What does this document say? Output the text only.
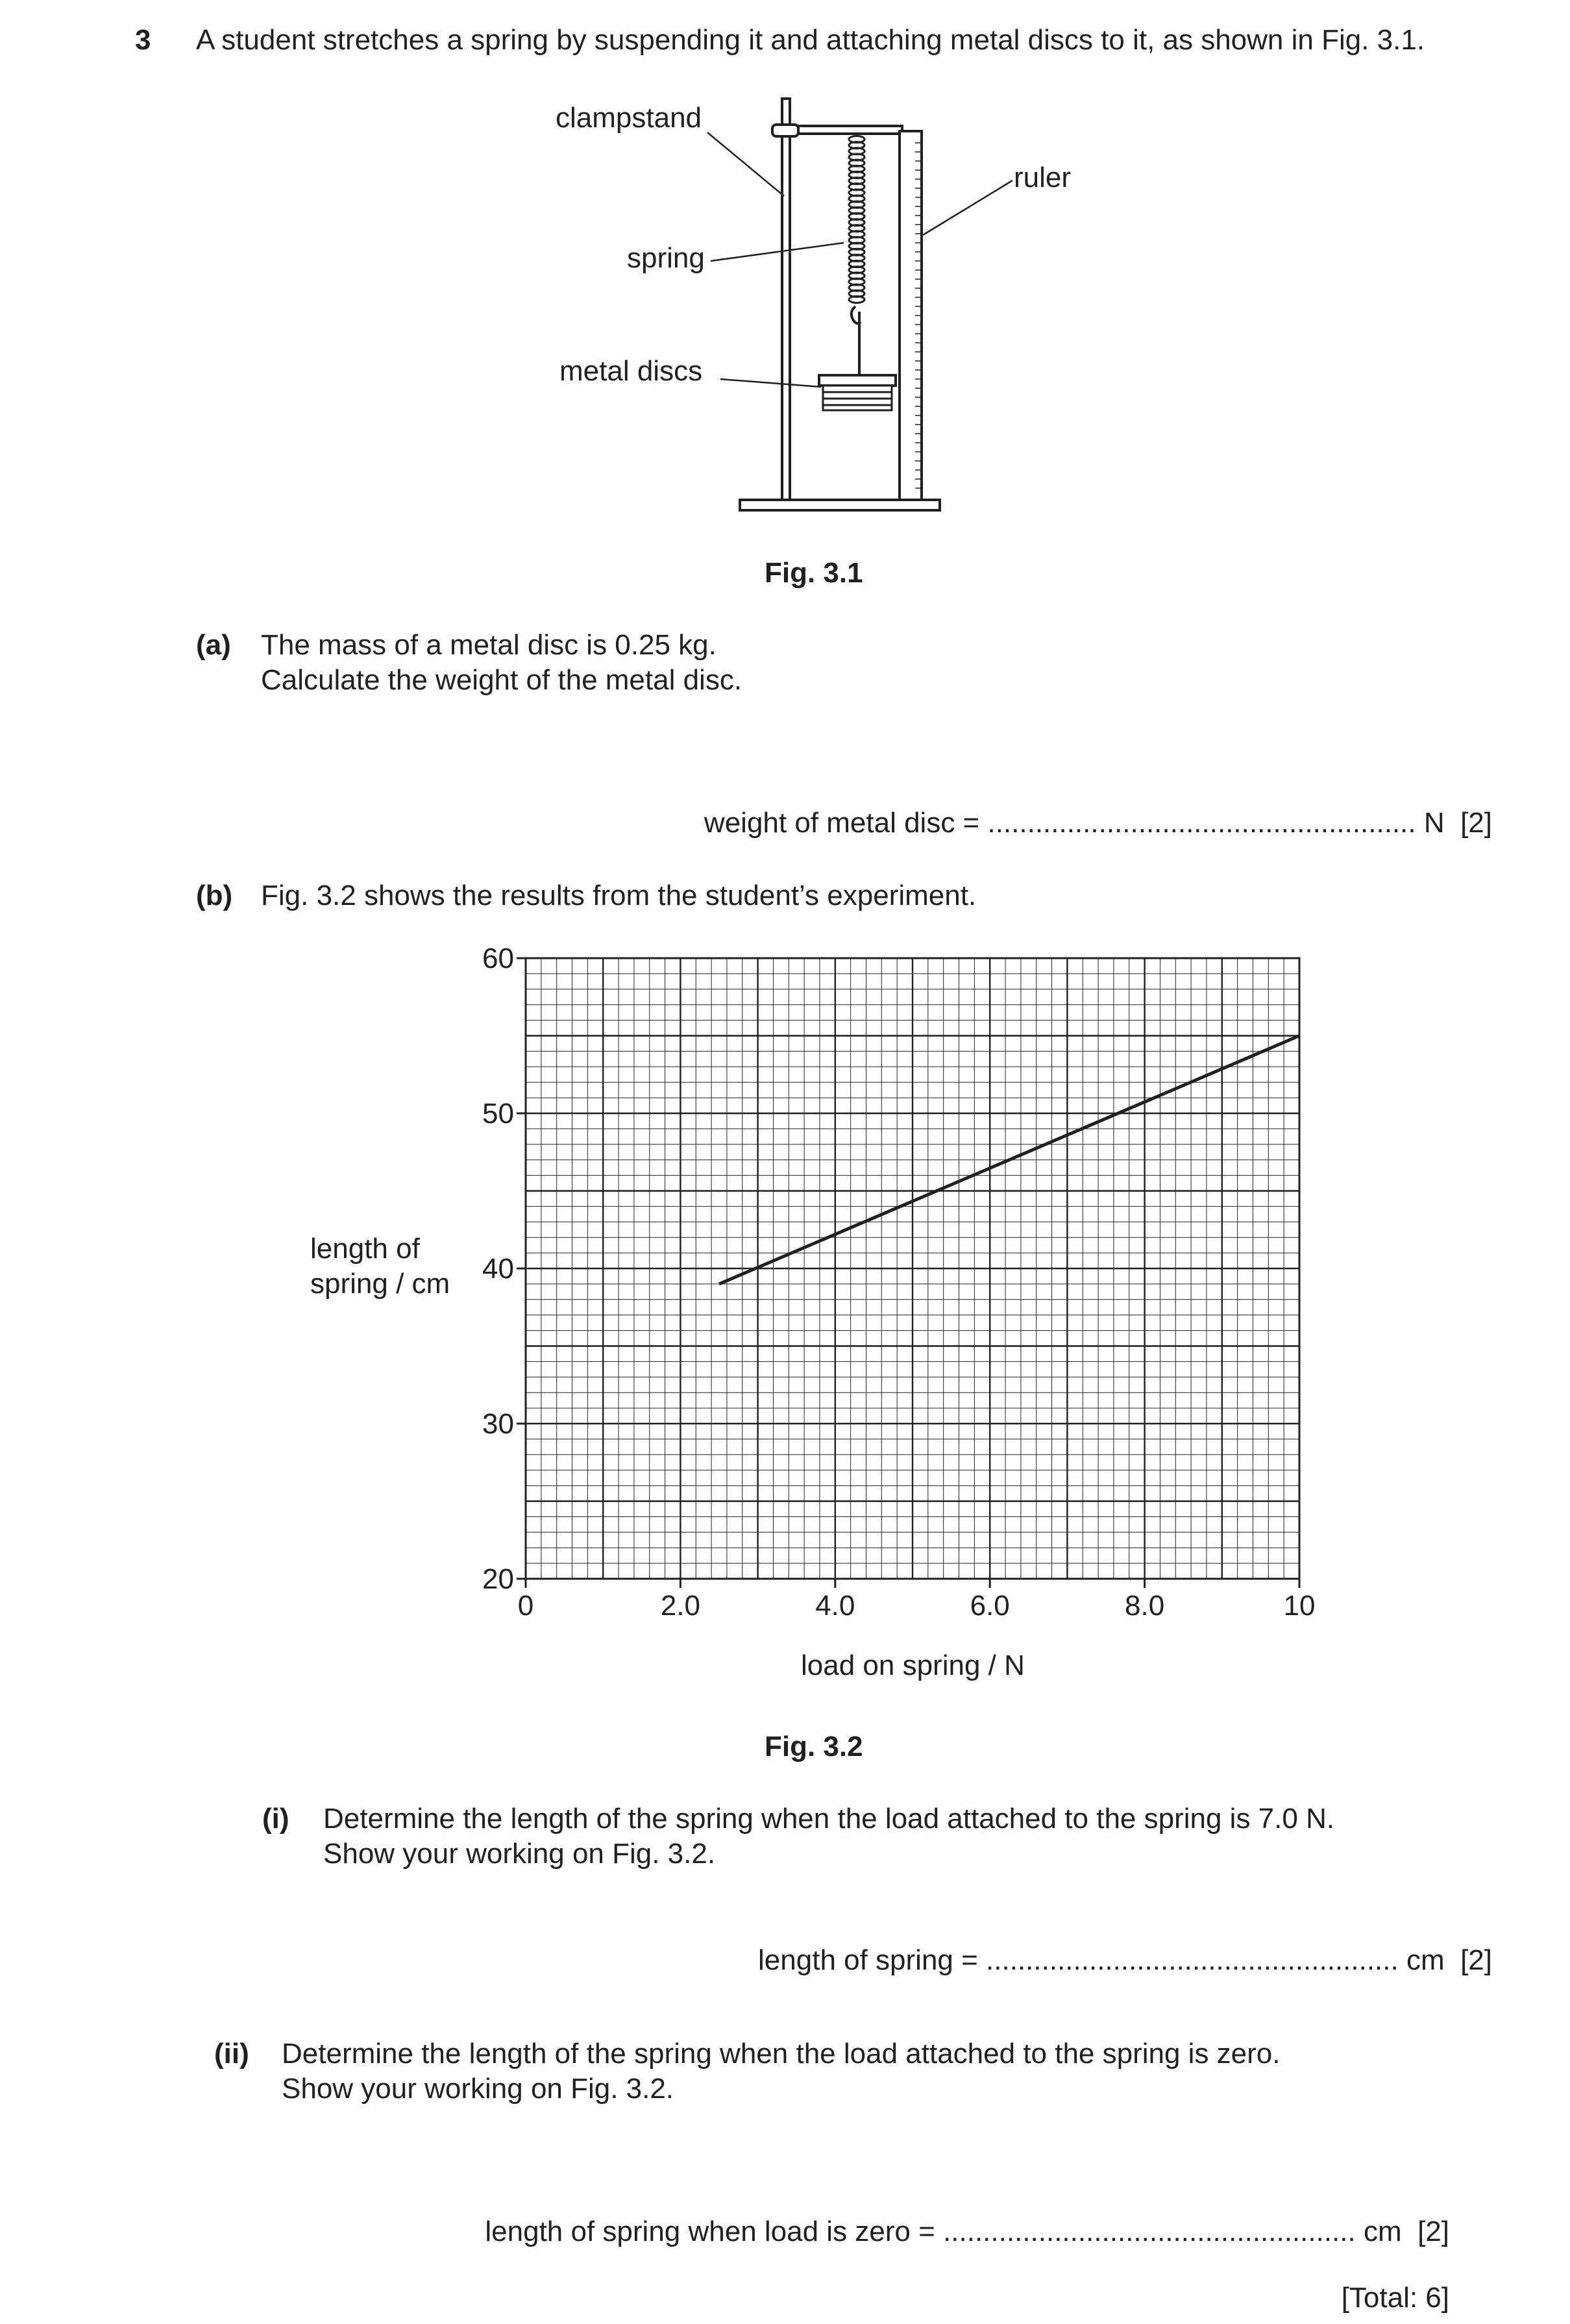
3 A student stretches a spring by suspending it and attaching metal discs to it, as shown in Fig. 3.1.
clampstand
spring
metal discs
ruler
Fig. 3.1
(a) The mass of a metal disc is 0.25 kg.
Calculate the weight of the metal disc.
weight of metal disc = ...................................................... N [2]
(b) Fig. 3.2 shows the results from the student’s experiment.
0	2.0	4.0	6.0	8.0	10
20
30
40
50
60
length of
spring / cm
load on spring / N
Fig. 3.2
(i) Determine the length of the spring when the load attached to the spring is 7.0 N.
Show your working on Fig. 3.2.
length of spring = .................................................... cm [2]
(ii) Determine the length of the spring when the load attached to the spring is zero.
Show your working on Fig. 3.2.
length of spring when load is zero = .................................................... cm [2]
[Total: 6]
